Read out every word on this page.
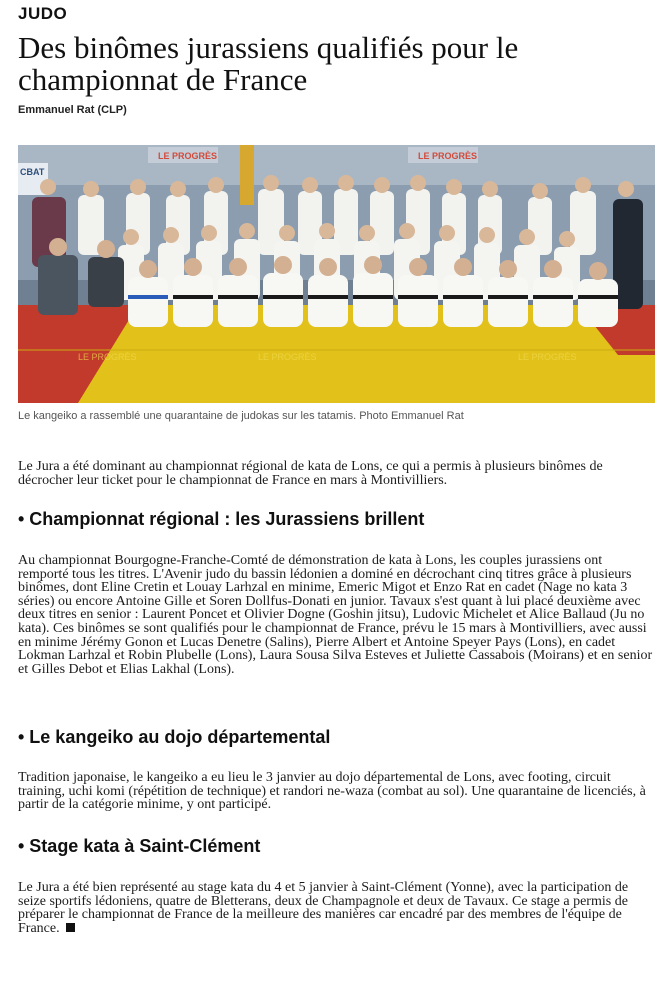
JUDO
Des binômes jurassiens qualifiés pour le championnat de France
Emmanuel Rat (CLP)
LE PROGRÈS	LE PROGRÈS
CBAT
LE PROGRÈS	LE PROGRÈS	LE PROGRÈS
Le kangeiko a rassemblé une quarantaine de judokas sur les tatamis. Photo Emmanuel Rat

Le Jura a été dominant au championnat régional de kata de Lons, ce qui a permis à plusieurs binômes de décrocher leur ticket pour le championnat de France en mars à Montivilliers.

• Championnat régional : les Jurassiens brillent

Au championnat Bourgogne-Franche-Comté de démonstration de kata à Lons, les couples jurassiens ont remporté tous les titres. L'Avenir judo du bassin lédonien a dominé en décrochant cinq titres grâce à plusieurs binômes, dont Eline Cretin et Louay Larhzal en minime, Emeric Migot et Enzo Rat en cadet (Nage no kata 3 séries) ou encore Antoine Gille et Soren Dollfus-Donati en junior. Tavaux s'est quant à lui placé deuxième avec deux titres en senior : Laurent Poncet et Olivier Dogne (Goshin jitsu), Ludovic Michelet et Alice Ballaud (Ju no kata). Ces binômes se sont qualifiés pour le championnat de France, prévu le 15 mars à Montivilliers, avec aussi en minime Jérémy Gonon et Lucas Denetre (Salins), Pierre Albert et Antoine Speyer Pays (Lons), en cadet Lokman Larhzal et Robin Plubelle (Lons), Laura Sousa Silva Esteves et Juliette Cassabois (Moirans) et en senior et Gilles Debot et Elias Lakhal (Lons).

• Le kangeiko au dojo départemental

Tradition japonaise, le kangeiko a eu lieu le 3 janvier au dojo départemental de Lons, avec footing, circuit training, uchi komi (répétition de technique) et randori ne-waza (combat au sol). Une quarantaine de licenciés, à partir de la catégorie minime, y ont participé.

• Stage kata à Saint-Clément

Le Jura a été bien représenté au stage kata du 4 et 5 janvier à Saint-Clément (Yonne), avec la participation de seize sportifs lédoniens, quatre de Bletterans, deux de Champagnole et deux de Tavaux. Ce stage a permis de préparer le championnat de France de la meilleure des manières car encadré par des membres de l'équipe de France.
